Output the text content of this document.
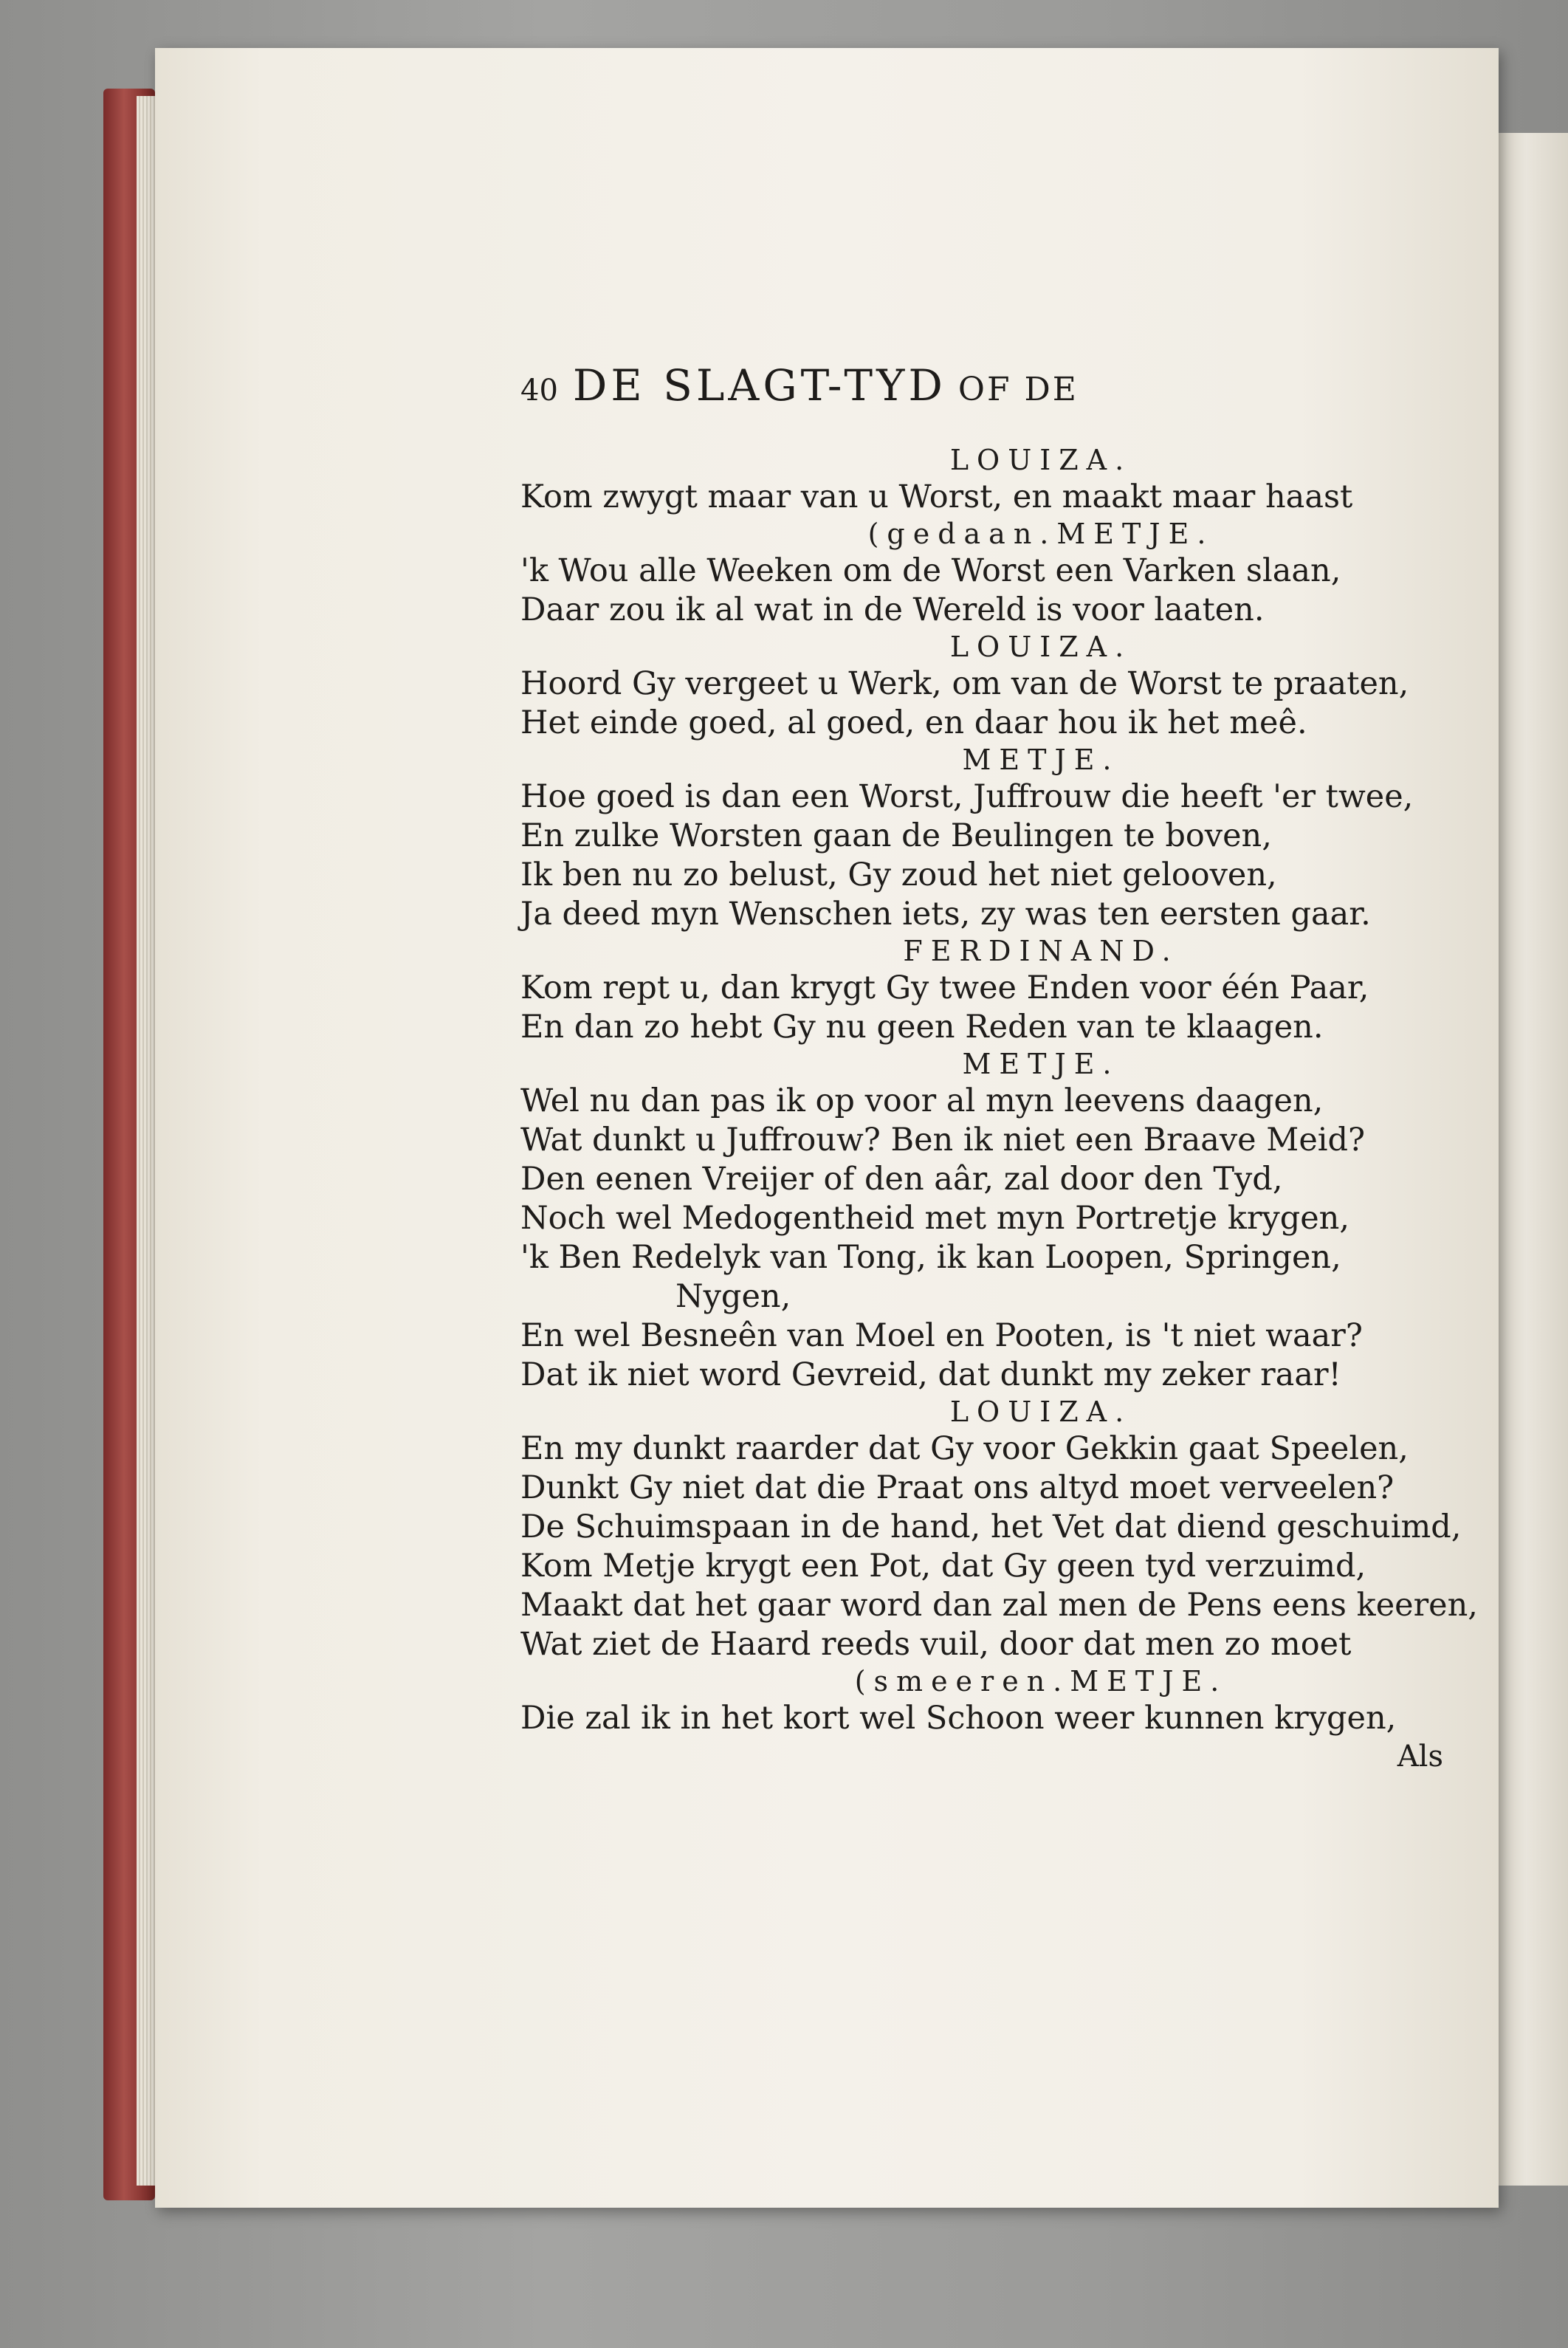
40 DE SLAGT-TYD OF DE
LOUIZA.
Kom zwygt maar van u Worst, en maakt maar haast
(gedaan.METJE.
'k Wou alle Weeken om de Worst een Varken slaan,
Daar zou ik al wat in de Wereld is voor laaten.
LOUIZA.
Hoord Gy vergeet u Werk, om van de Worst te praaten,
Het einde goed, al goed, en daar hou ik het meê.
METJE.
Hoe goed is dan een Worst, Juffrouw die heeft 'er twee,
En zulke Worsten gaan de Beulingen te boven,
Ik ben nu zo belust, Gy zoud het niet gelooven,
Ja deed myn Wenschen iets, zy was ten eersten gaar.
FERDINAND.
Kom rept u, dan krygt Gy twee Enden voor één Paar,
En dan zo hebt Gy nu geen Reden van te klaagen.
METJE.
Wel nu dan pas ik op voor al myn leevens daagen,
Wat dunkt u Juffrouw? Ben ik niet een Braave Meid?
Den eenen Vreijer of den aâr, zal door den Tyd,
Noch wel Medogentheid met myn Portretje krygen,
'k Ben Redelyk van Tong, ik kan Loopen, Springen,
Nygen,
En wel Besneên van Moel en Pooten, is 't niet waar?
Dat ik niet word Gevreid, dat dunkt my zeker raar!
LOUIZA.
En my dunkt raarder dat Gy voor Gekkin gaat Speelen,
Dunkt Gy niet dat die Praat ons altyd moet verveelen?
De Schuimspaan in de hand, het Vet dat diend geschuimd,
Kom Metje krygt een Pot, dat Gy geen tyd verzuimd,
Maakt dat het gaar word dan zal men de Pens eens keeren,
Wat ziet de Haard reeds vuil, door dat men zo moet
(smeeren.METJE.
Die zal ik in het kort wel Schoon weer kunnen krygen,
Als
